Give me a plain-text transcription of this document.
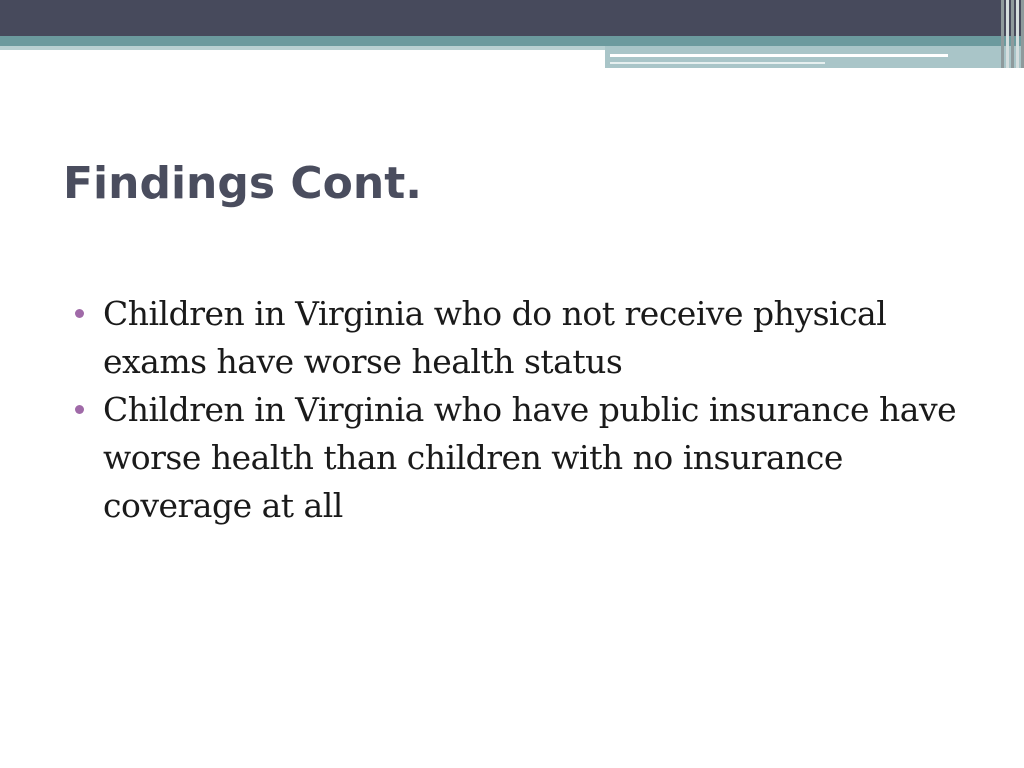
Findings Cont.
Children in Virginia who do not receive physical exams have worse health status
Children in Virginia who have public insurance have worse health than children with no insurance coverage at all
